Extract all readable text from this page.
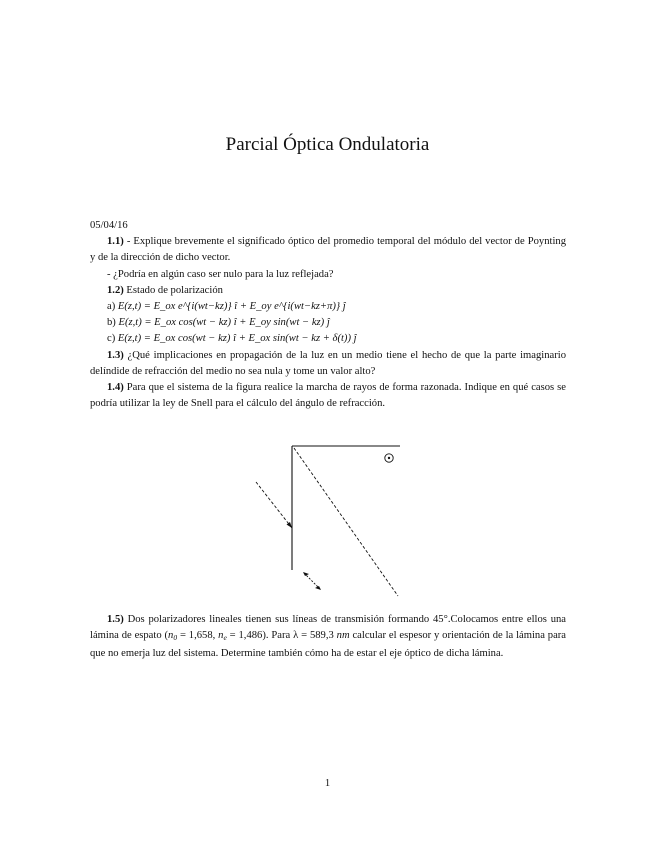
Parcial Óptica Ondulatoria

05/04/16

1.1) - Explique brevemente el significado óptico del promedio temporal del módulo del vector de Poynting y de la dirección de dicho vector.

- ¿Podría en algún caso ser nulo para la luz reflejada?

1.2) Estado de polarización

a) E(z,t) = E_ox e^{i(wt−kz)} î + E_oy e^{i(wt−kz+π)} ĵ

b) E(z,t) = E_ox cos(wt − kz) î + E_oy sin(wt − kz) ĵ

c) E(z,t) = E_ox cos(wt − kz) î + E_ox sin(wt − kz + δ(t)) ĵ

1.3) ¿Qué implicaciones en propagación de la luz en un medio tiene el hecho de que la parte imaginario delíndide de refracción del medio no sea nula y tome un valor alto?

1.4) Para que el sistema de la figura realice la marcha de rayos de forma razonada. Indique en qué casos se podría utilizar la ley de Snell para el cálculo del ángulo de refracción.

1.5) Dos polarizadores lineales tienen sus líneas de transmisión formando 45°.Colocamos entre ellos una lámina de espato (n0 = 1,658, ne = 1,486). Para λ = 589,3 nm calcular el espesor y orientación de la lámina para que no emerja luz del sistema. Determine también cómo ha de estar el eje óptico de dicha lámina.

1
